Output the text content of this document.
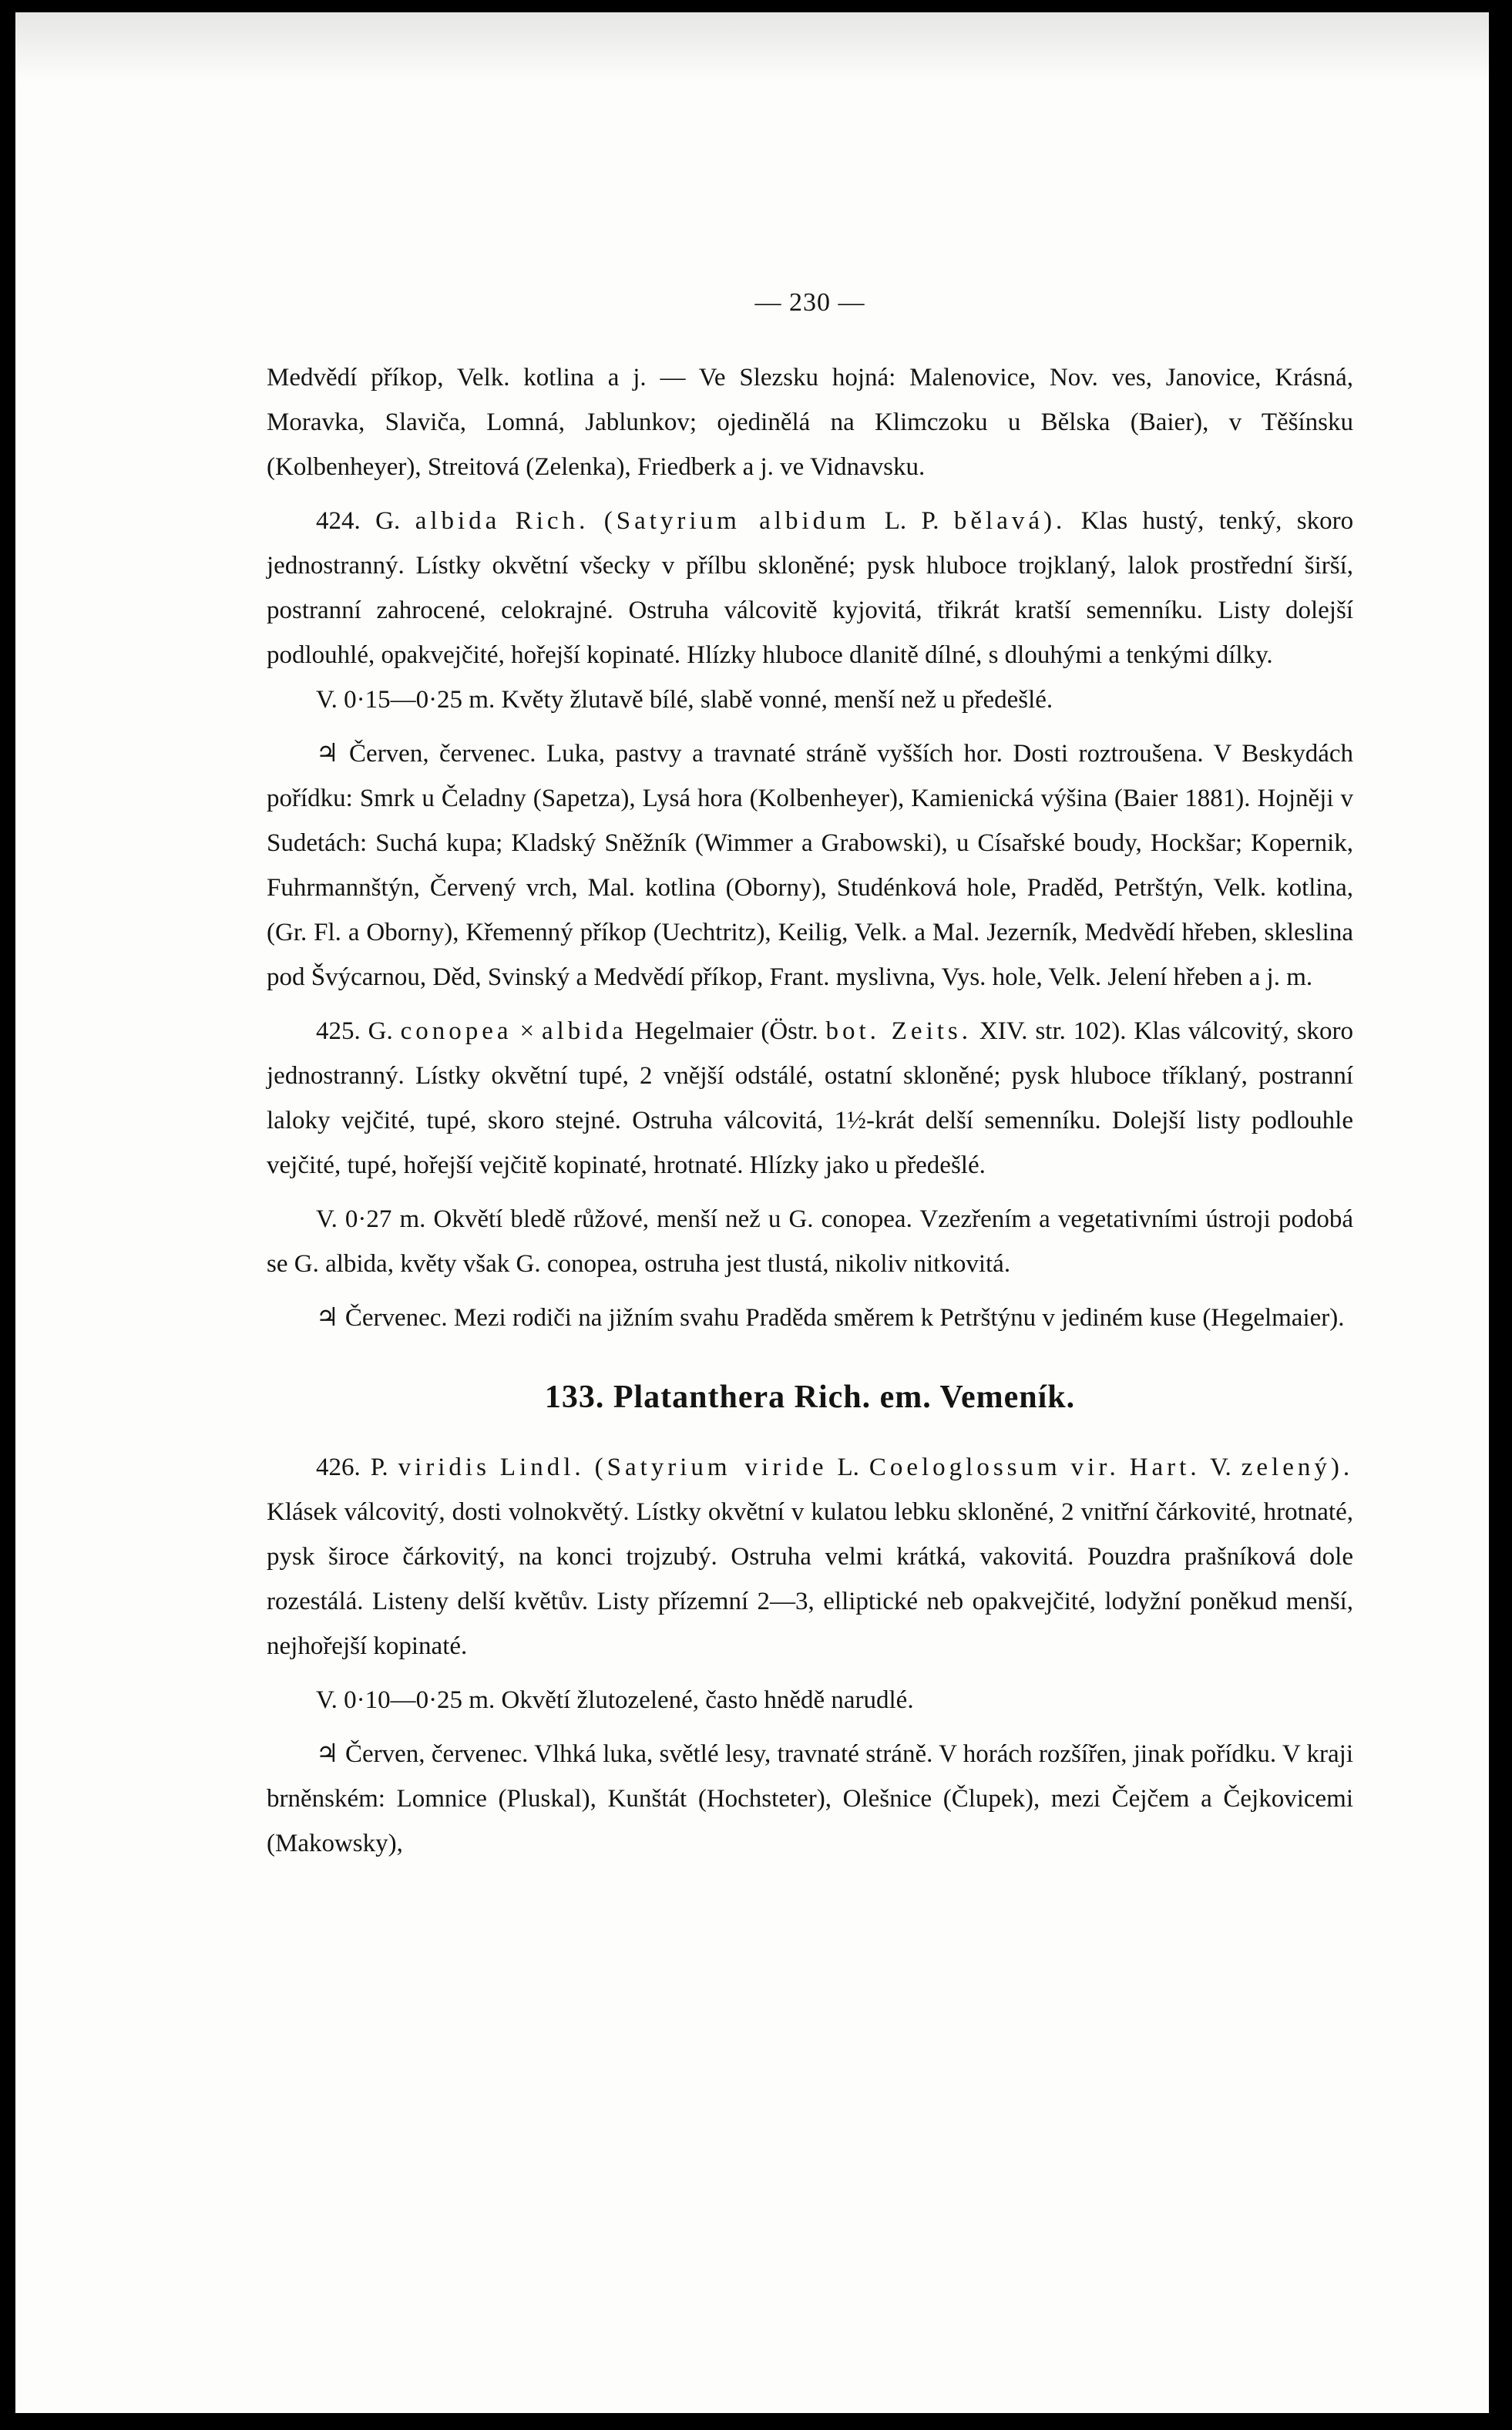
— 230 —

Medvědí příkop, Velk. kotlina a j. — Ve Slezsku hojná: Malenovice, Nov. ves, Janovice, Krásná, Moravka, Slaviča, Lomná, Jablunkov; ojedinělá na Klimczoku u Bělska (Baier), v Těšínsku (Kolbenheyer), Streitová (Zelenka), Friedberk a j. ve Vidnavsku.

424. G. albida Rich. (Satyrium albidum L. P. bělavá). Klas hustý, tenký, skoro jednostranný. Lístky okvětní všecky v přílbu skloněné; pysk hluboce trojklaný, lalok prostřední širší, postranní zahrocené, celokrajné. Ostruha válcovitě kyjovitá, třikrát kratší semenníku. Listy dolejší podlouhlé, opakvejčité, hořejší kopinaté. Hlízky hluboce dlanitě dílné, s dlouhými a tenkými dílky.

V. 0·15—0·25 m. Květy žlutavě bílé, slabě vonné, menší než u předešlé.

♃ Červen, červenec. Luka, pastvy a travnaté stráně vyšších hor. Dosti roztroušena. V Beskydách pořídku: Smrk u Čeladny (Sapetza), Lysá hora (Kolbenheyer), Kamienická výšina (Baier 1881). Hojněji v Sudetách: Suchá kupa; Kladský Sněžník (Wimmer a Grabowski), u Císařské boudy, Hockšar; Kopernik, Fuhrmannštýn, Červený vrch, Mal. kotlina (Oborny), Studénková hole, Praděd, Petrštýn, Velk. kotlina, (Gr. Fl. a Oborny), Křemenný příkop (Uechtritz), Keilig, Velk. a Mal. Jezerník, Medvědí hřeben, skleslina pod Švýcarnou, Děd, Svinský a Medvědí příkop, Frant. myslivna, Vys. hole, Velk. Jelení hřeben a j. m.

425. G. conopea × albida Hegelmaier (Östr. bot. Zeits. XIV. str. 102). Klas válcovitý, skoro jednostranný. Lístky okvětní tupé, 2 vnější odstálé, ostatní skloněné; pysk hluboce tříklaný, postranní laloky vejčité, tupé, skoro stejné. Ostruha válcovitá, 1½-krát delší semenníku. Dolejší listy podlouhle vejčité, tupé, hořejší vejčitě kopinaté, hrotnaté. Hlízky jako u předešlé.

V. 0·27 m. Okvětí bledě růžové, menší než u G. conopea. Vzezřením a vegetativními ústroji podobá se G. albida, květy však G. conopea, ostruha jest tlustá, nikoliv nitkovitá.

♃ Červenec. Mezi rodiči na jižním svahu Praděda směrem k Petrštýnu v jediném kuse (Hegelmaier).

133. Platanthera Rich. em. Vemeník.

426. P. viridis Lindl. (Satyrium viride L. Coeloglossum vir. Hart. V. zelený). Klásek válcovitý, dosti volnokvětý. Lístky okvětní v kulatou lebku skloněné, 2 vnitřní čárkovité, hrotnaté, pysk široce čárkovitý, na konci trojzubý. Ostruha velmi krátká, vakovitá. Pouzdra prašníková dole rozestálá. Listeny delší květův. Listy přízemní 2—3, elliptické neb opakvejčité, lodyžní poněkud menší, nejhořejší kopinaté.

V. 0·10—0·25 m. Okvětí žlutozelené, často hnědě narudlé.

♃ Červen, červenec. Vlhká luka, světlé lesy, travnaté stráně. V horách rozšířen, jinak pořídku. V kraji brněnském: Lomnice (Pluskal), Kunštát (Hochsteter), Olešnice (Člupek), mezi Čejčem a Čejkovicemi (Makowsky),
